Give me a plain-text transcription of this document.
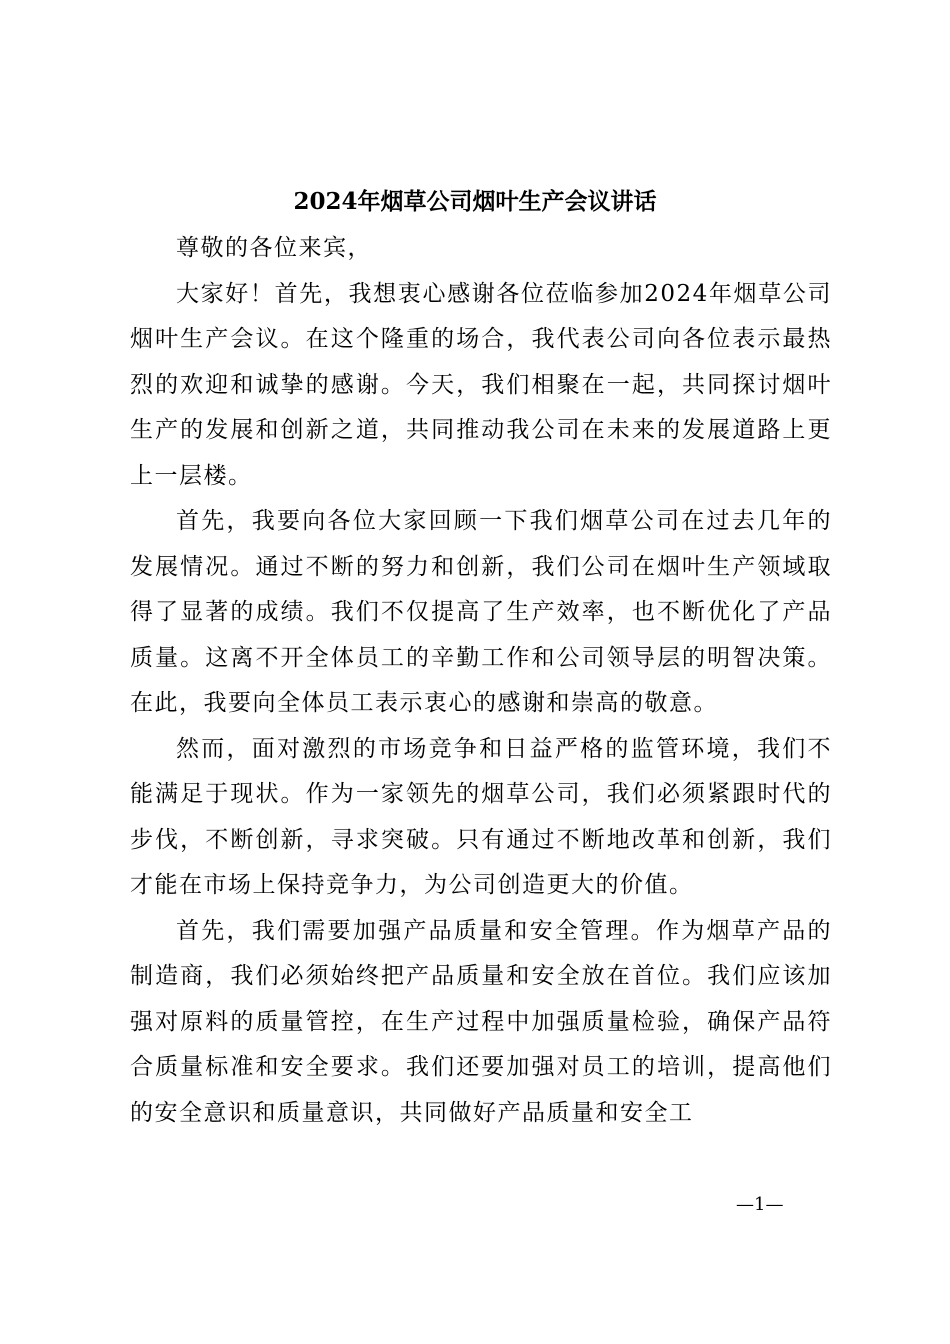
2024年烟草公司烟叶生产会议讲话

尊敬的各位来宾，

大家好！首先，我想衷心感谢各位莅临参加2024年烟草公司烟叶生产会议。在这个隆重的场合，我代表公司向各位表示最热烈的欢迎和诚挚的感谢。今天，我们相聚在一起，共同探讨烟叶生产的发展和创新之道，共同推动我公司在未来的发展道路上更上一层楼。

首先，我要向各位大家回顾一下我们烟草公司在过去几年的发展情况。通过不断的努力和创新，我们公司在烟叶生产领域取得了显著的成绩。我们不仅提高了生产效率，也不断优化了产品质量。这离不开全体员工的辛勤工作和公司领导层的明智决策。在此，我要向全体员工表示衷心的感谢和崇高的敬意。

然而，面对激烈的市场竞争和日益严格的监管环境，我们不能满足于现状。作为一家领先的烟草公司，我们必须紧跟时代的步伐，不断创新，寻求突破。只有通过不断地改革和创新，我们才能在市场上保持竞争力，为公司创造更大的价值。

首先，我们需要加强产品质量和安全管理。作为烟草产品的制造商，我们必须始终把产品质量和安全放在首位。我们应该加强对原料的质量管控，在生产过程中加强质量检验，确保产品符合质量标准和安全要求。我们还要加强对员工的培训，提高他们的安全意识和质量意识，共同做好产品质量和安全工

—1—
